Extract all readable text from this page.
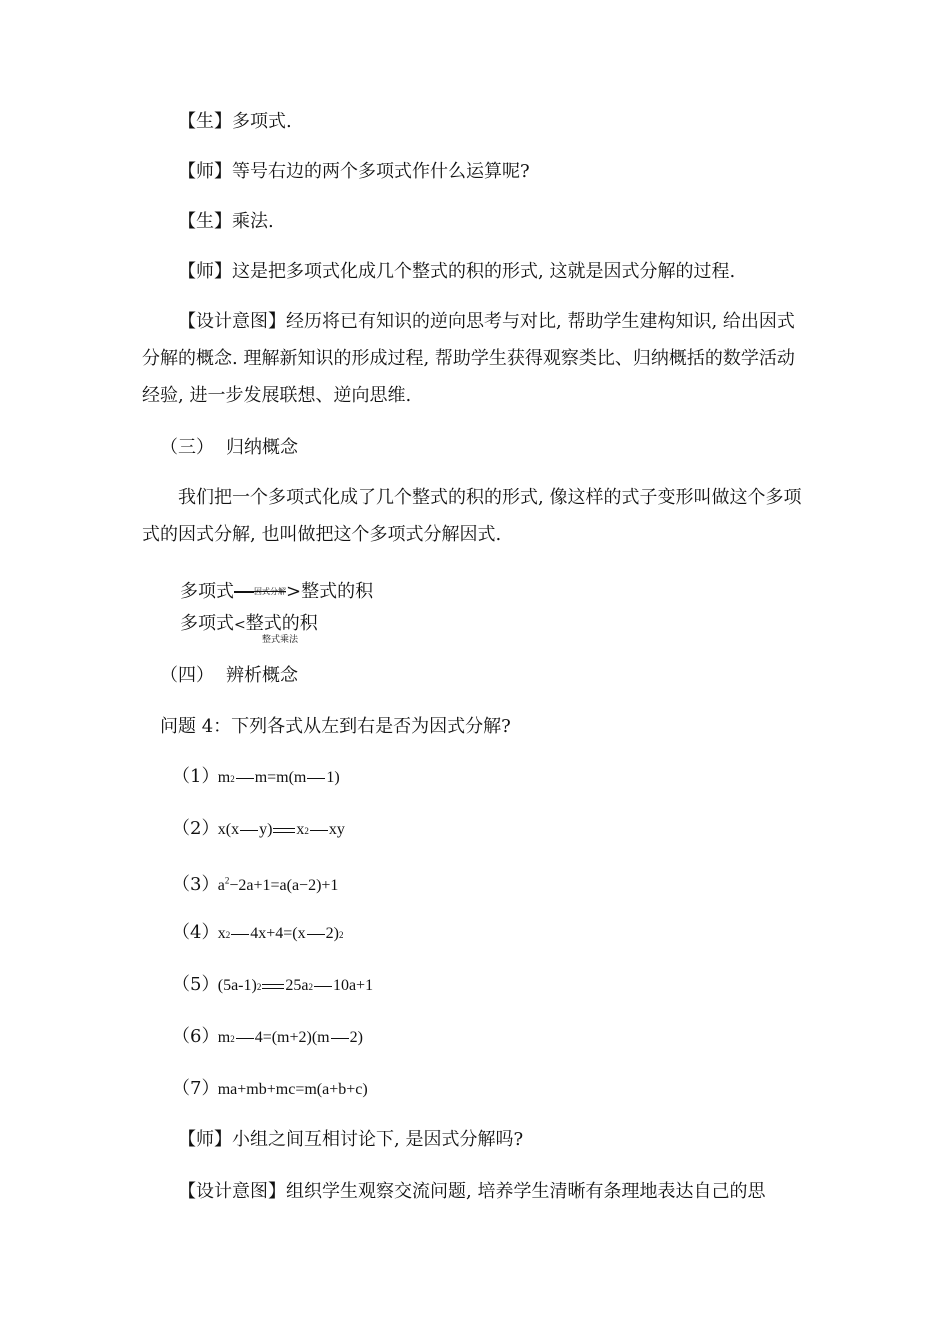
【生】多项式.
【师】等号右边的两个多项式作什么运算呢?
【生】乘法.
【师】这是把多项式化成几个整式的积的形式, 这就是因式分解的过程.
【设计意图】经历将已有知识的逆向思考与对比, 帮助学生建构知识, 给出因式分解的概念. 理解新知识的形成过程, 帮助学生获得观察类比、归纳概括的数学活动经验, 进一步发展联想、逆向思维.
（三） 归纳概念
我们把一个多项式化成了几个整式的积的形式, 像这样的式子变形叫做这个多项式的因式分解, 也叫做把这个多项式分解因式.
多项式	因式分解>整式的积
多项式<整式的积
整式乘法
（四） 辨析概念
问题 4：下列各式从左到右是否为因式分解?
（1） m2 m=m(m 1)
（2） x(x y) x2 xy
（3） $a^2-2a+1=a(a-2)+1$
（4） x2 4x+4=(x 2)2
（5） (5a-1)2 25a2 10a+1
（6） m2 4=(m+2)(m 2)
（7） ma+mb+mc=m(a+b+c)
【师】小组之间互相讨论下, 是因式分解吗?
【设计意图】组织学生观察交流问题, 培养学生清晰有条理地表达自己的思
